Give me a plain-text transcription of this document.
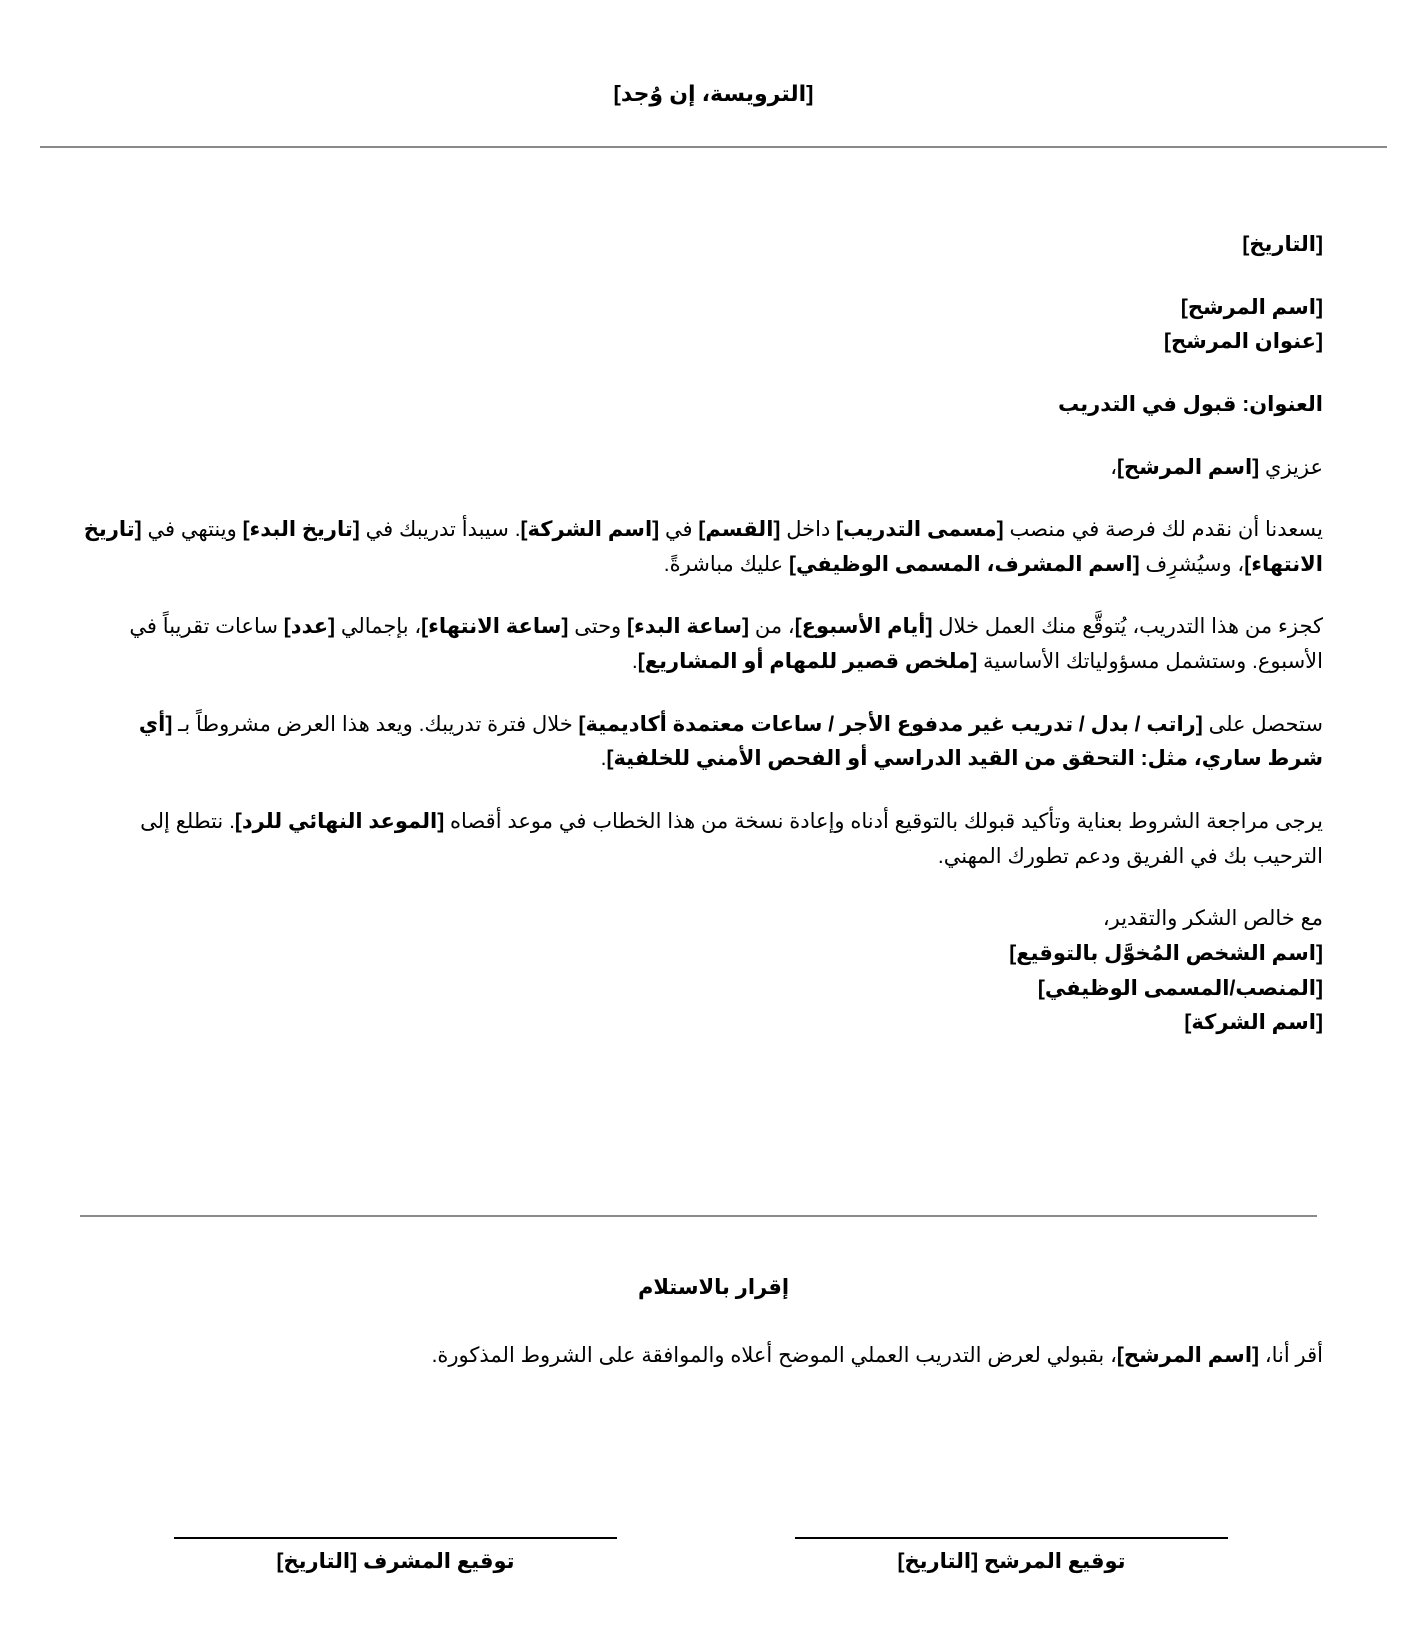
[الترويسة، إن وُجد]

[التاريخ]

[اسم المرشح]
[عنوان المرشح]

العنوان: قبول في التدريب

عزيزي [اسم المرشح]،

يسعدنا أن نقدم لك فرصة في منصب [مسمى التدريب] داخل [القسم] في [اسم الشركة]. سيبدأ تدريبك في [تاريخ البدء] وينتهي في [تاريخ الانتهاء]، وسيُشرِف [اسم المشرف، المسمى الوظيفي] عليك مباشرةً.

كجزء من هذا التدريب، يُتوقَّع منك العمل خلال [أيام الأسبوع]، من [ساعة البدء] وحتى [ساعة الانتهاء]، بإجمالي [عدد] ساعات تقريباً في الأسبوع. وستشمل مسؤولياتك الأساسية [ملخص قصير للمهام أو المشاريع].

ستحصل على [راتب / بدل / تدريب غير مدفوع الأجر / ساعات معتمدة أكاديمية] خلال فترة تدريبك. ويعد هذا العرض مشروطاً بـ [أي شرط ساري، مثل: التحقق من القيد الدراسي أو الفحص الأمني للخلفية].

يرجى مراجعة الشروط بعناية وتأكيد قبولك بالتوقيع أدناه وإعادة نسخة من هذا الخطاب في موعد أقصاه [الموعد النهائي للرد]. نتطلع إلى الترحيب بك في الفريق ودعم تطورك المهني.

مع خالص الشكر والتقدير،
[اسم الشخص المُخوَّل بالتوقيع]
[المنصب/المسمى الوظيفي]
[اسم الشركة]
إقرار بالاستلام

أقر أنا، [اسم المرشح]، بقبولي لعرض التدريب العملي الموضح أعلاه والموافقة على الشروط المذكورة.

توقيع المرشح [التاريخ]
توقيع المشرف [التاريخ]
